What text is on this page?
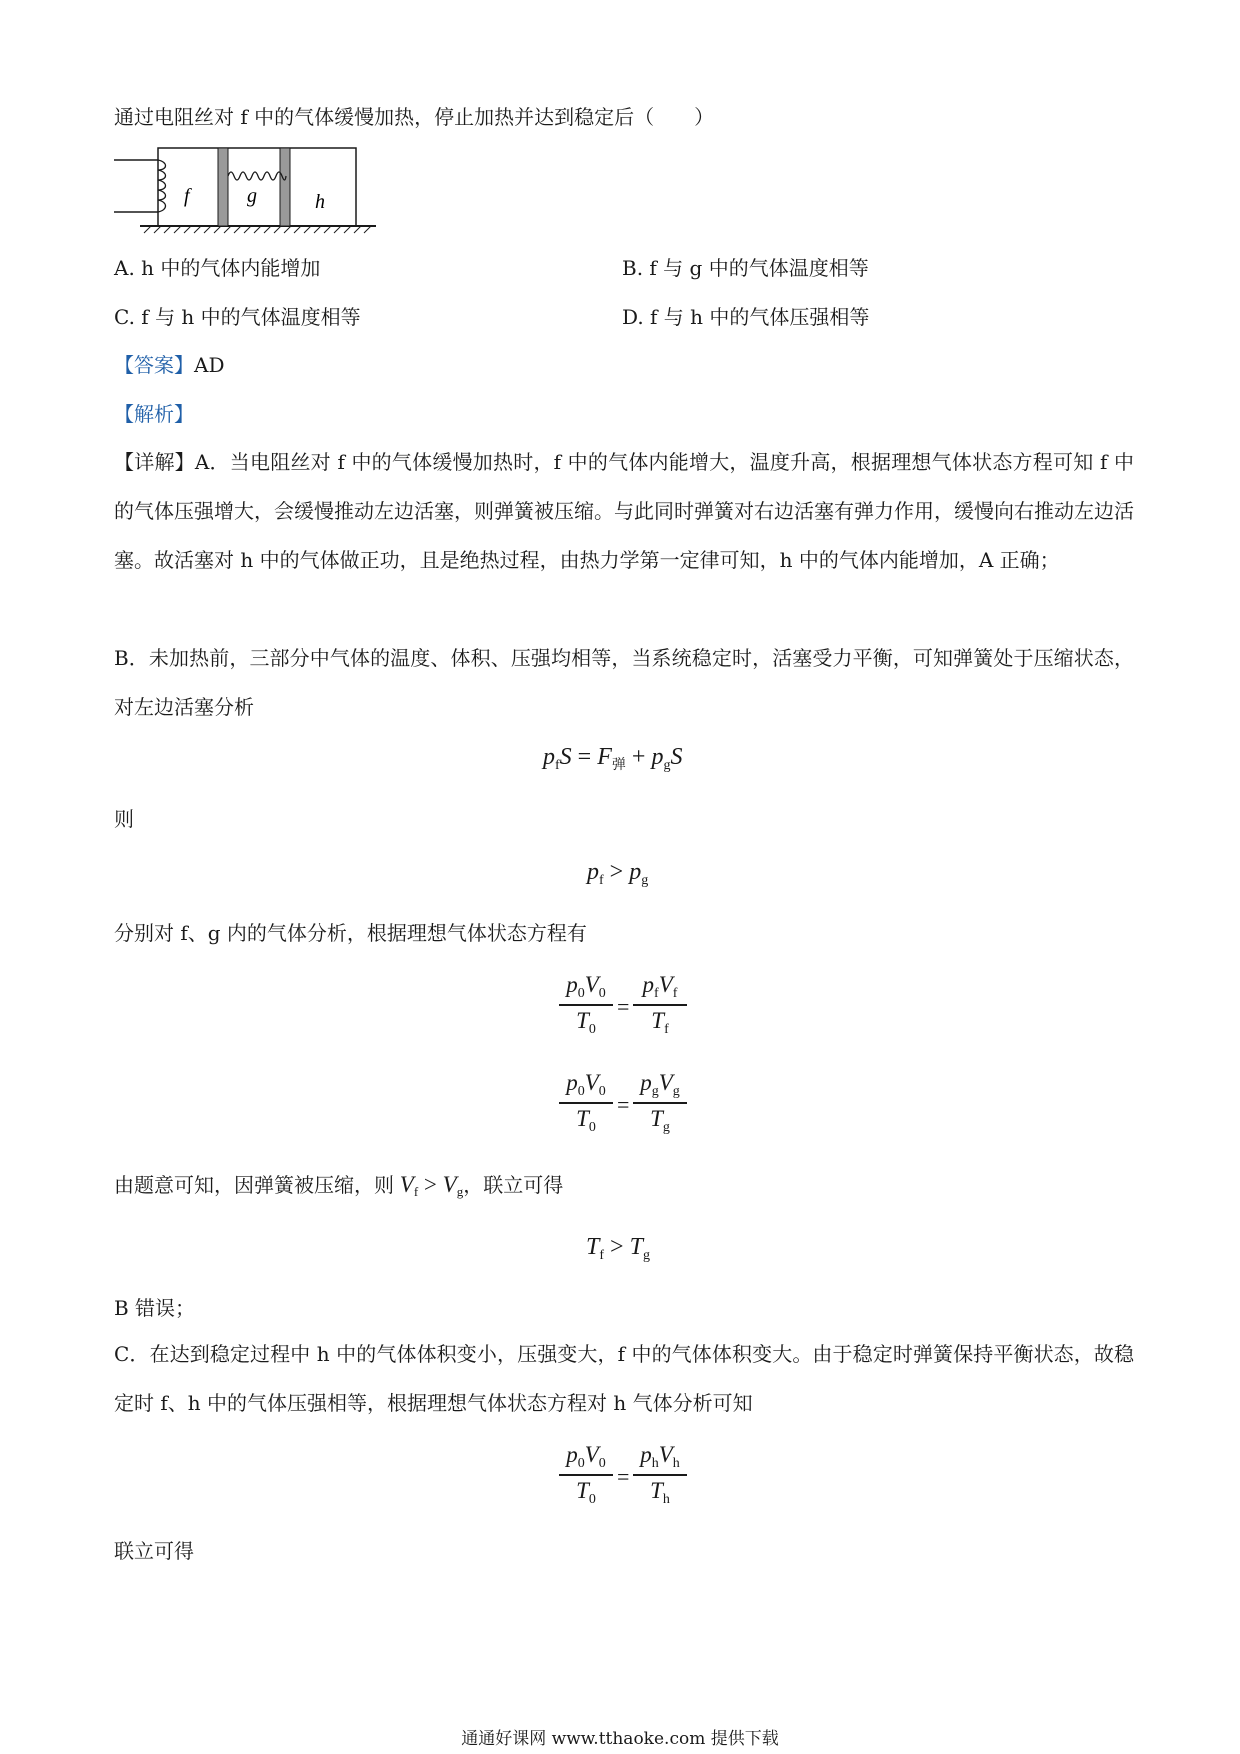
通过电阻丝对 f 中的气体缓慢加热，停止加热并达到稳定后（　　）
f	g	h
A. h 中的气体内能增加	B. f 与 g 中的气体温度相等
C. f 与 h 中的气体温度相等	D. f 与 h 中的气体压强相等
【答案】AD
【解析】
【详解】A．当电阻丝对 f 中的气体缓慢加热时，f 中的气体内能增大，温度升高，根据理想气体状态方程可知 f 中的气体压强增大，会缓慢推动左边活塞，则弹簧被压缩。与此同时弹簧对右边活塞有弹力作用，缓慢向右推动左边活塞。故活塞对 h 中的气体做正功，且是绝热过程，由热力学第一定律可知，h 中的气体内能增加，A 正确；
B．未加热前，三部分中气体的温度、体积、压强均相等，当系统稳定时，活塞受力平衡，可知弹簧处于压缩状态，对左边活塞分析
$p_fS = F_弹 + p_gS$
则
$p_f > p_g$
分别对 f、g 内的气体分析，根据理想气体状态方程有
$p_0V_0$
$T_0$
=
$p_fV_f$
$T_f$
$p_0V_0$
$T_0$
=
$p_gV_g$
$T_g$
由题意可知，因弹簧被压缩，则 $V_f > V_g$，联立可得
$T_f > T_g$
B 错误；
C．在达到稳定过程中 h 中的气体体积变小，压强变大，f 中的气体体积变大。由于稳定时弹簧保持平衡状态，故稳定时 f、h 中的气体压强相等，根据理想气体状态方程对 h 气体分析可知
$p_0V_0$
$T_0$
=
$p_hV_h$
$T_h$
联立可得
通通好课网 www.tthaoke.com 提供下载
